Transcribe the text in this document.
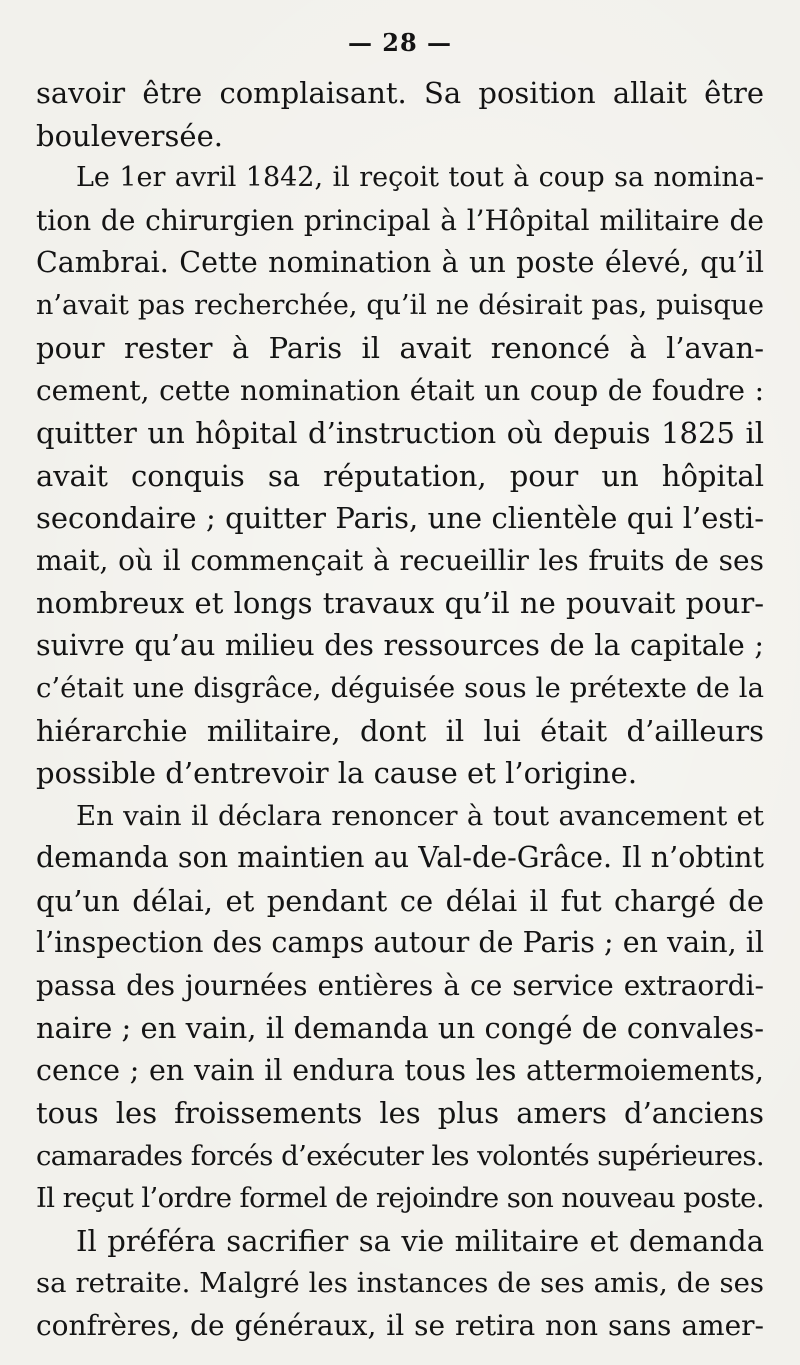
— 28 —
savoir être complaisant. Sa position allait être
bouleversée.
Le 1er avril 1842, il reçoit tout à coup sa nomina-
tion de chirurgien principal à l’Hôpital militaire de
Cambrai. Cette nomination à un poste élevé, qu’il
n’avait pas recherchée, qu’il ne désirait pas, puisque
pour rester à Paris il avait renoncé à l’avan-
cement, cette nomination était un coup de foudre :
quitter un hôpital d’instruction où depuis 1825 il
avait conquis sa réputation, pour un hôpital
secondaire ; quitter Paris, une clientèle qui l’esti-
mait, où il commençait à recueillir les fruits de ses
nombreux et longs travaux qu’il ne pouvait pour-
suivre qu’au milieu des ressources de la capitale ;
c’était une disgrâce, déguisée sous le prétexte de la
hiérarchie militaire, dont il lui était d’ailleurs
possible d’entrevoir la cause et l’origine.
En vain il déclara renoncer à tout avancement et
demanda son maintien au Val-de-Grâce. Il n’obtint
qu’un délai, et pendant ce délai il fut chargé de
l’inspection des camps autour de Paris ; en vain, il
passa des journées entières à ce service extraordi-
naire ; en vain, il demanda un congé de convales-
cence ; en vain il endura tous les attermoiements,
tous les froissements les plus amers d’anciens
camarades forcés d’exécuter les volontés supérieures.
Il reçut l’ordre formel de rejoindre son nouveau poste.
Il préféra sacrifier sa vie militaire et demanda
sa retraite. Malgré les instances de ses amis, de ses
confrères, de généraux, il se retira non sans amer-
